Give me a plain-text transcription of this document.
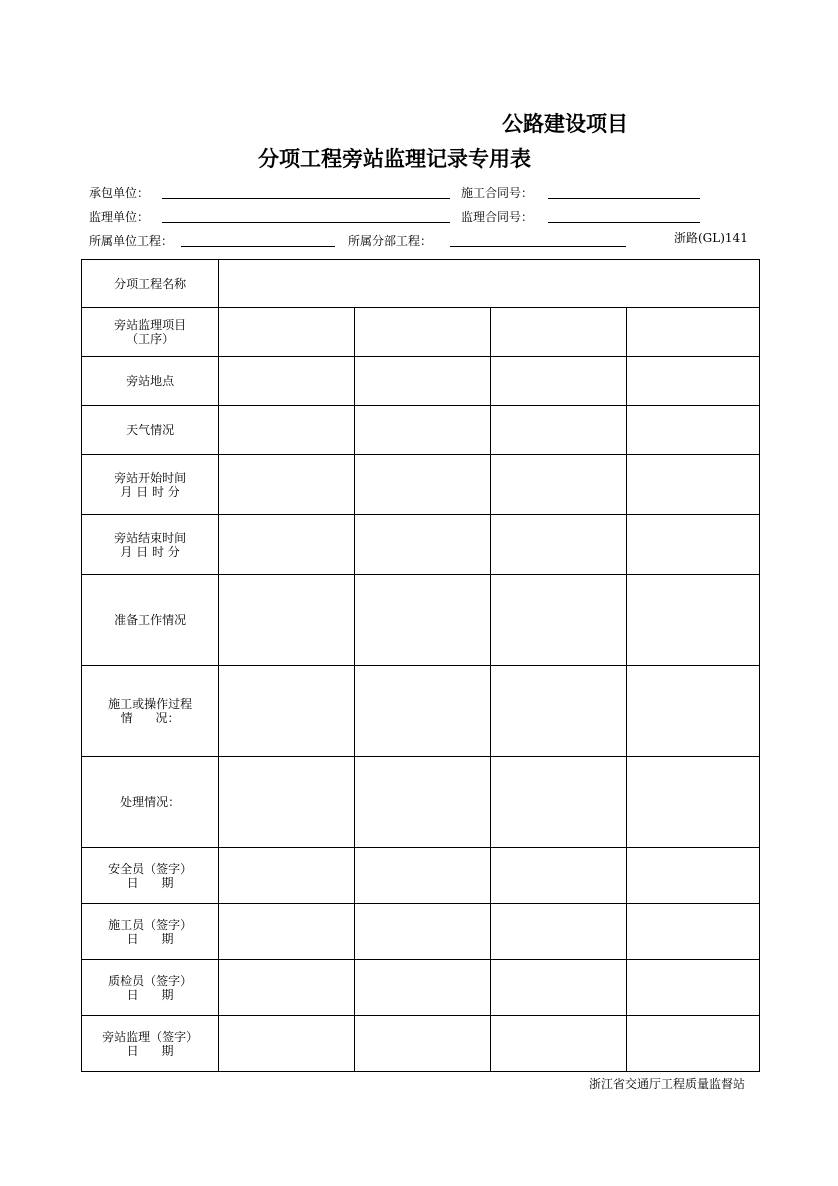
公路建设项目
分项工程旁站监理记录专用表
承包单位：	施工合同号：
监理单位：	监理合同号：
所属单位工程：	所属分部工程：	浙路(GL)141
分项工程名称				

旁站监理项目
（工序）				

旁站地点				

天气情况				

旁站开始时间
月 日 时 分				

旁站结束时间
月 日 时 分				

准备工作情况				

施工或操作过程
情      况：				

处理情况：				

安全员（签字）
日      期				

施工员（签字）
日      期				

质检员（签字）
日      期				

旁站监理（签字）
日      期				

浙江省交通厅工程质量监督站
